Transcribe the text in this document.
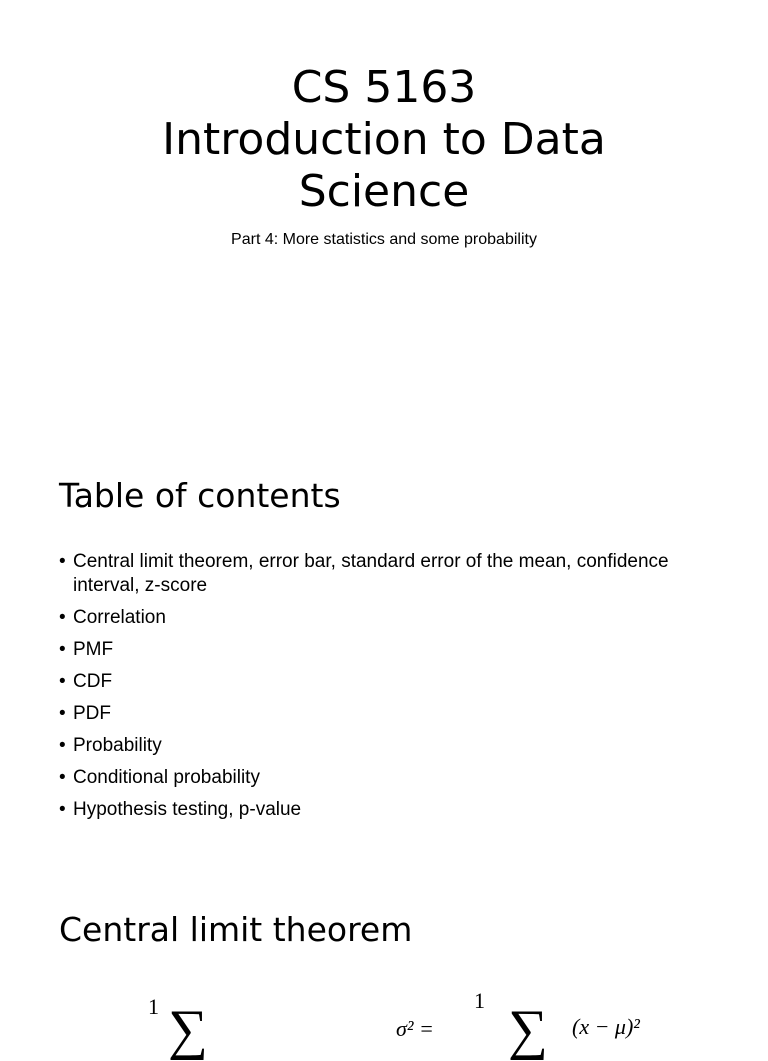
CS 5163
Introduction to Data
Science

Part 4: More statistics and some probability

Table of contents
• Central limit theorem, error bar, standard error of the mean, confidence interval, z-score
• Correlation
• PMF
• CDF
• PDF
• Probability
• Conditional probability
• Hypothesis testing, p-value
Central limit theorem
1 ∑	σ² =
1 ∑ (x − μ)²
